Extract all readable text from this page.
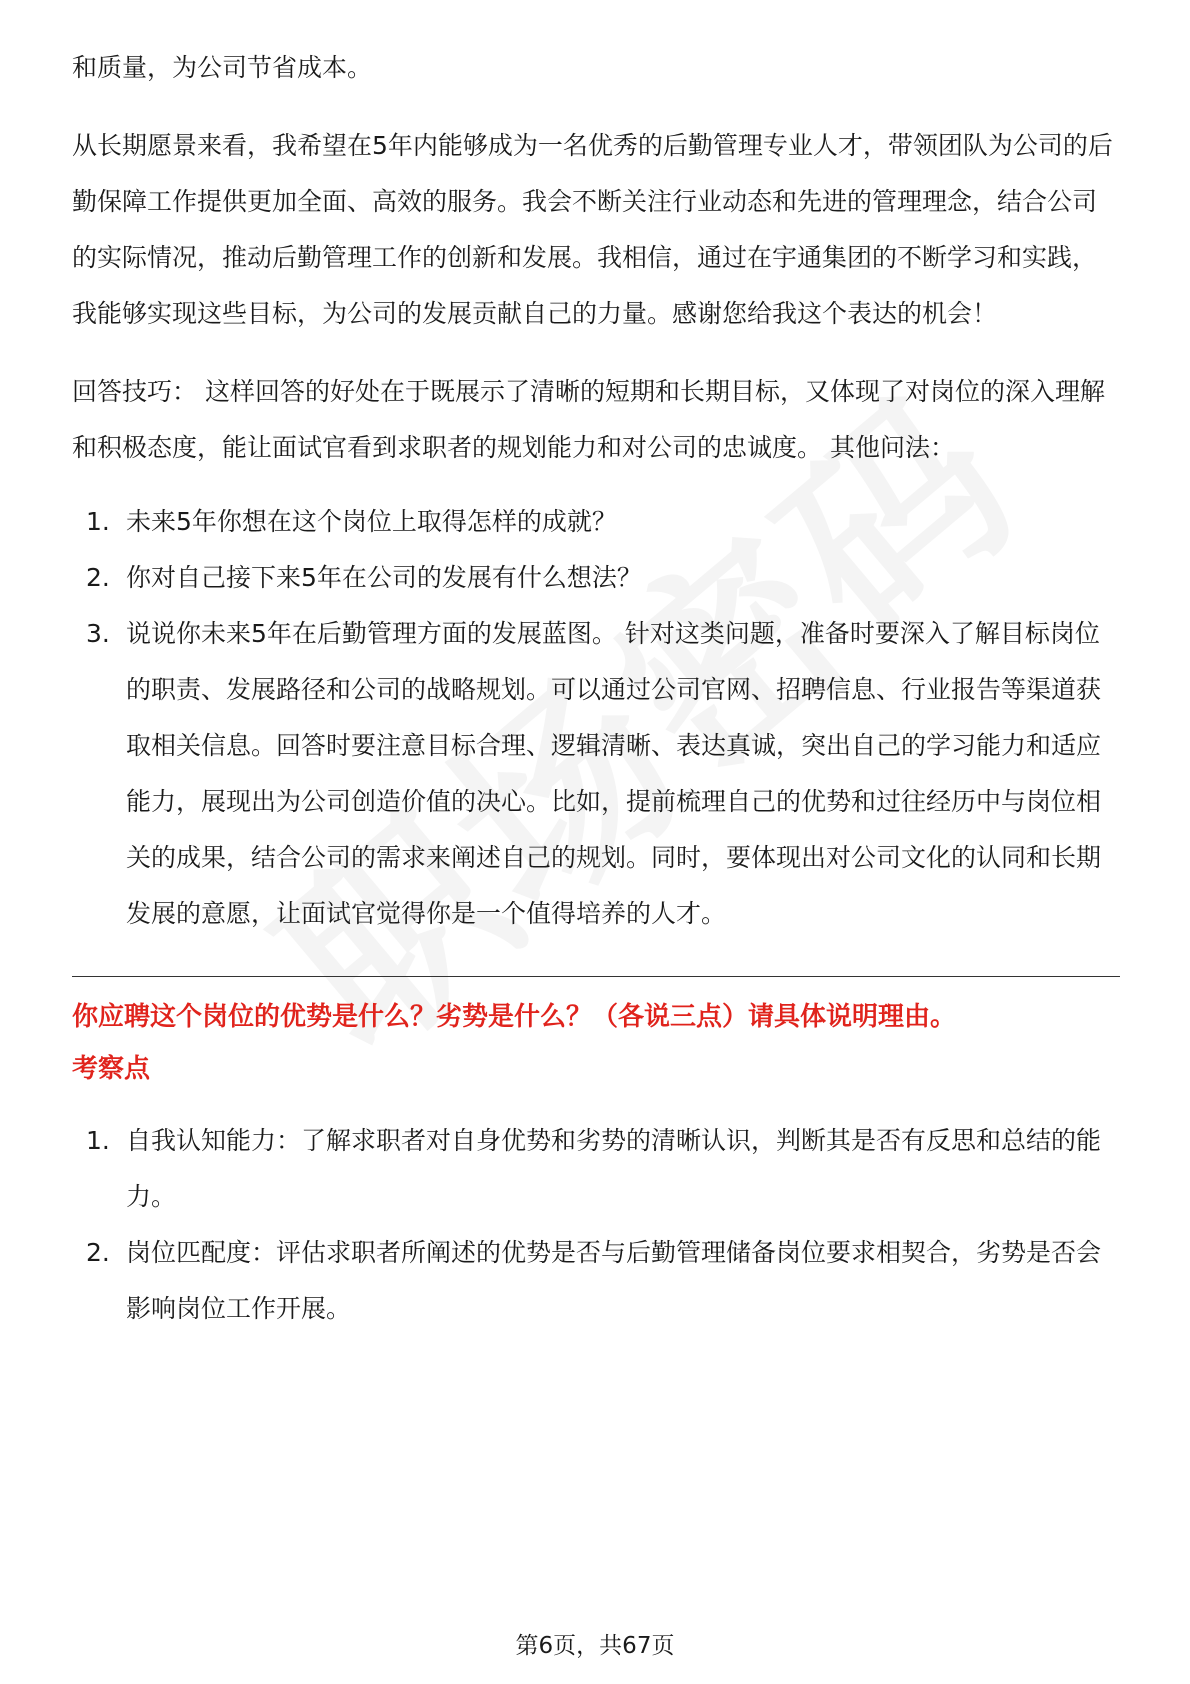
和质量，为公司节省成本。

从长期愿景来看，我希望在5年内能够成为一名优秀的后勤管理专业人才，带领团队为公司的后勤保障工作提供更加全面、高效的服务。我会不断关注行业动态和先进的管理理念，结合公司的实际情况，推动后勤管理工作的创新和发展。我相信，通过在宇通集团的不断学习和实践，我能够实现这些目标，为公司的发展贡献自己的力量。感谢您给我这个表达的机会！

回答技巧： 这样回答的好处在于既展示了清晰的短期和长期目标，又体现了对岗位的深入理解和积极态度，能让面试官看到求职者的规划能力和对公司的忠诚度。 其他问法：

1. 未来5年你想在这个岗位上取得怎样的成就？
2. 你对自己接下来5年在公司的发展有什么想法？
3. 说说你未来5年在后勤管理方面的发展蓝图。 针对这类问题，准备时要深入了解目标岗位的职责、发展路径和公司的战略规划。可以通过公司官网、招聘信息、行业报告等渠道获取相关信息。回答时要注意目标合理、逻辑清晰、表达真诚，突出自己的学习能力和适应能力，展现出为公司创造价值的决心。比如，提前梳理自己的优势和过往经历中与岗位相关的成果，结合公司的需求来阐述自己的规划。同时，要体现出对公司文化的认同和长期发展的意愿，让面试官觉得你是一个值得培养的人才。

你应聘这个岗位的优势是什么？劣势是什么？（各说三点）请具体说明理由。

考察点

1. 自我认知能力：了解求职者对自身优势和劣势的清晰认识，判断其是否有反思和总结的能力。
2. 岗位匹配度：评估求职者所阐述的优势是否与后勤管理储备岗位要求相契合，劣势是否会影响岗位工作开展。
第6页，共67页
